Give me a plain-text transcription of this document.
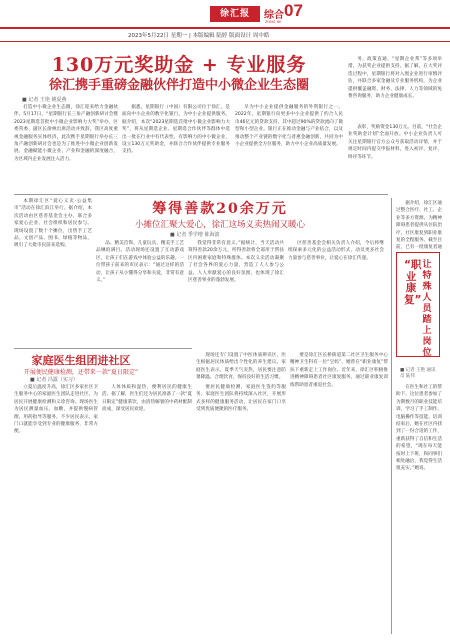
徐汇报	综合
ZONG HE
07
2023年5月22日 星期一 | 本版编辑 陆婷 版面设计 周中皓
130万元奖助金 + 专业服务
徐汇携手重磅金融伙伴打造中小微企业生态圈
■ 记者 王艳 姚夏燕

打造中小微企业生态圈，徐汇迎来给力金融伙伴。5月17日，“星期银行长三角产融创新研讨会暨2023星期选首批中小微企业影响力大奖”举办，区委常委、副区长俞林出席活动并致辞。我区高度重视金融服务实体经济，此次携手星期银行举办长三角产融创新研讨会也是为了推进中小微企业创新发展、金融赋能小微企业、产业和金融的深度融合，为区域内企业发展注入活力。

据悉，星期银行（中国）有限公司位于徐汇，是面向中小企业的数字化银行，为中小企业提供服务。据介绍，本次“2023星期选首批中小微企业影响力大奖”，将从星期选企业、星期选合作伙伴等群体中选出一批在行业中有代表性、有影响力的中小微企业，设立130万元奖助金，并联合合作伙伴提供专业服务支持。

早为中小企业提供金融服务的外资银行之一。2022年，星期银行向更多中小企业提供了约合人民币46亿元的贷款支持，其中超过90%的贷款流向了微型和小型企业。银行正在推动金融与产业结合，以及推动整个产业链的数字化与普惠金融创新，共同为中小企业提供全方位服务，助力中小企业高质量发展。

务、政策直通、“星期企业邦”等多项举措，为获奖企业提供支持。据了解，在大奖评选过程中，星期银行将对入围企业进行审慎评估，并联合多家金融及专业服务机构，为企业提供覆盖融资、财务、法律、人力等领域的免费咨询服务，助力企业健康成长。

表彰，奖励资金130万元。目前，“社会企业奖助金计划”全面开放。中小企业负责人可关注星期银行官方公众号获取活动详情，并于规定时间内提交申报材料，进入初评、复评、终评等环节。

筹得善款20余万元
小摊位汇聚大爱心，徐汇这场义卖热闹又暖心
■ 记者 季学增 陈海波

本期徐汇区“爱心义卖·公益集市”活动在徐汇滨江举行。据介绍，本次活动由区慈善基金会主办，联合多家爱心企业、社会组织和居民参与。现场设置了数十个摊位，出售手工艺品、文创产品、图书、绿植等物品，吸引了大批市民前来选购。	品、精美首饰、儿童玩具、精美手工艺品琳琅满目。活动现场还设置了互动游戏区，让孩子们在游戏中体验公益的乐趣。一位带孩子前来的市民表示：“通过这样的活动，让孩子从小懂得分享和关爱，非常有意义。”

我觉得非常有意义。”据统计，当天活动共筹得善款20余万元，所得善款将全部用于帮扶区内困难家庭和特殊群体。本次义卖活动凝聚了社会各界的爱心力量，营造了人人参与公益、人人奉献爱心的良好氛围，也体现了徐汇区慈善事业的蓬勃发展。

区慈善基金会相关负责人介绍，今后将继续探索多元化的公益活动形式，动员更多社会力量参与慈善事业，让爱心在徐汇传递。

家庭医生组团进社区
开展便民健康检测，还带来一款“夏日限定”
■ 记者 冯露（实习）

立夏后温度升高，徐汇区多家社区卫生服务中心的家庭医生团队走进社区，为居民开展健康检测和义诊咨询。现场医生为居民测量血压、血糖，并提供慢病管理、用药指导等服务。不少居民表示，家门口就能享受到专业的健康服务，非常方便。

人体体质和湿热，便利居民的健康生活。据了解，医生们还为居民准备了一款“夏日限定”健康茶饮，由清热解暑的中药材配制而成，深受居民欢迎。

要居民健康检测、家庭医生签约等服务。家庭医生团队将持续深入社区，开展形式多样的健康服务活动，让居民在家门口享受到优质便捷的医疗服务。

现场还专门设置了中医体质辨识区，医生根据居民体质给出个性化的养生建议。家庭医生表示，夏季天气炎热，居民要注意防暑降温、合理饮食，保持良好的生活习惯。

“职业康复”
让特殊人员踏上岗位
■ 记者 王艳 通讯员 陆伟

要是徐汇区长桥街道第二社区卫生服务中心精神卫生科有一位“宝妈”，她曾在“职业康复”帮扶下重新走上工作岗位。近年来，徐汇区积极推进精神障碍患者社区康复服务，通过职业康复训练帮助患者重返社会。	在医生和社工的帮助下，这位患者参加了为期数月的职业技能培训，学习了手工制作、电脑操作等技能。培训结束后，她在社区内找到了一份合适的工作，重新获得了自信和生活的希望。“现在每天能按时上下班，和同事们相处融洽，我觉得生活很充实。”她说。

据介绍，徐汇区通过整合医疗、社工、企业等多方资源，为精神障碍患者提供从住院治疗、社区康复到职业康复的全程服务。截至目前，已有一批康复者通
